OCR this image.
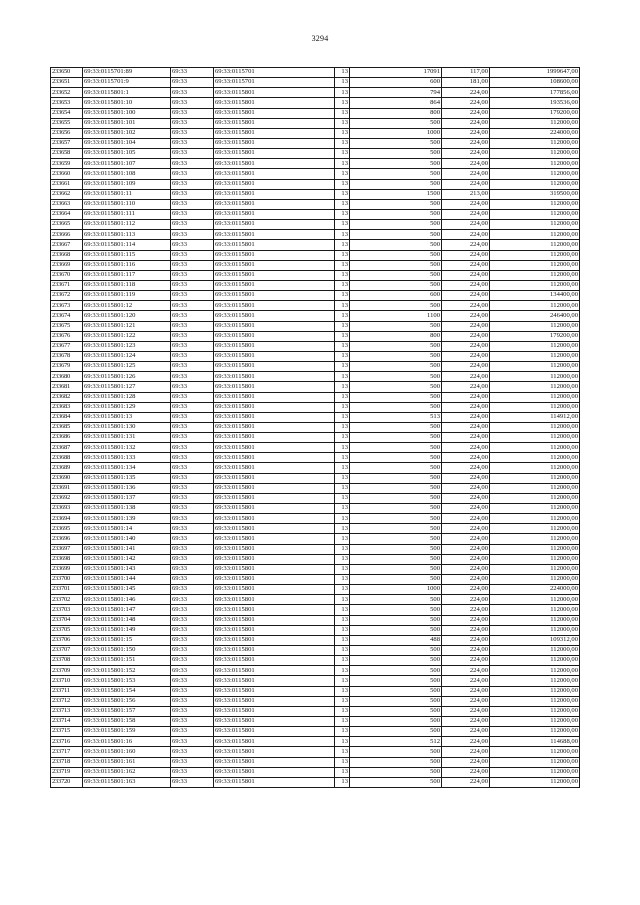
3294
233650	69:33:0115701:89	69:33	69:33:0115701	13	17091	117,00	1999647,00
233651	69:33:0115701:9	69:33	69:33:0115701	13	600	181,00	108600,00
233652	69:33:0115801:1	69:33	69:33:0115801	13	794	224,00	177856,00
233653	69:33:0115801:10	69:33	69:33:0115801	13	864	224,00	193536,00
233654	69:33:0115801:100	69:33	69:33:0115801	13	800	224,00	179200,00
233655	69:33:0115801:101	69:33	69:33:0115801	13	500	224,00	112000,00
233656	69:33:0115801:102	69:33	69:33:0115801	13	1000	224,00	224000,00
233657	69:33:0115801:104	69:33	69:33:0115801	13	500	224,00	112000,00
233658	69:33:0115801:105	69:33	69:33:0115801	13	500	224,00	112000,00
233659	69:33:0115801:107	69:33	69:33:0115801	13	500	224,00	112000,00
233660	69:33:0115801:108	69:33	69:33:0115801	13	500	224,00	112000,00
233661	69:33:0115801:109	69:33	69:33:0115801	13	500	224,00	112000,00
233662	69:33:0115801:11	69:33	69:33:0115801	13	1500	213,00	319500,00
233663	69:33:0115801:110	69:33	69:33:0115801	13	500	224,00	112000,00
233664	69:33:0115801:111	69:33	69:33:0115801	13	500	224,00	112000,00
233665	69:33:0115801:112	69:33	69:33:0115801	13	500	224,00	112000,00
233666	69:33:0115801:113	69:33	69:33:0115801	13	500	224,00	112000,00
233667	69:33:0115801:114	69:33	69:33:0115801	13	500	224,00	112000,00
233668	69:33:0115801:115	69:33	69:33:0115801	13	500	224,00	112000,00
233669	69:33:0115801:116	69:33	69:33:0115801	13	500	224,00	112000,00
233670	69:33:0115801:117	69:33	69:33:0115801	13	500	224,00	112000,00
233671	69:33:0115801:118	69:33	69:33:0115801	13	500	224,00	112000,00
233672	69:33:0115801:119	69:33	69:33:0115801	13	600	224,00	134400,00
233673	69:33:0115801:12	69:33	69:33:0115801	13	500	224,00	112000,00
233674	69:33:0115801:120	69:33	69:33:0115801	13	1100	224,00	246400,00
233675	69:33:0115801:121	69:33	69:33:0115801	13	500	224,00	112000,00
233676	69:33:0115801:122	69:33	69:33:0115801	13	800	224,00	179200,00
233677	69:33:0115801:123	69:33	69:33:0115801	13	500	224,00	112000,00
233678	69:33:0115801:124	69:33	69:33:0115801	13	500	224,00	112000,00
233679	69:33:0115801:125	69:33	69:33:0115801	13	500	224,00	112000,00
233680	69:33:0115801:126	69:33	69:33:0115801	13	500	224,00	112000,00
233681	69:33:0115801:127	69:33	69:33:0115801	13	500	224,00	112000,00
233682	69:33:0115801:128	69:33	69:33:0115801	13	500	224,00	112000,00
233683	69:33:0115801:129	69:33	69:33:0115801	13	500	224,00	112000,00
233684	69:33:0115801:13	69:33	69:33:0115801	13	513	224,00	114912,00
233685	69:33:0115801:130	69:33	69:33:0115801	13	500	224,00	112000,00
233686	69:33:0115801:131	69:33	69:33:0115801	13	500	224,00	112000,00
233687	69:33:0115801:132	69:33	69:33:0115801	13	500	224,00	112000,00
233688	69:33:0115801:133	69:33	69:33:0115801	13	500	224,00	112000,00
233689	69:33:0115801:134	69:33	69:33:0115801	13	500	224,00	112000,00
233690	69:33:0115801:135	69:33	69:33:0115801	13	500	224,00	112000,00
233691	69:33:0115801:136	69:33	69:33:0115801	13	500	224,00	112000,00
233692	69:33:0115801:137	69:33	69:33:0115801	13	500	224,00	112000,00
233693	69:33:0115801:138	69:33	69:33:0115801	13	500	224,00	112000,00
233694	69:33:0115801:139	69:33	69:33:0115801	13	500	224,00	112000,00
233695	69:33:0115801:14	69:33	69:33:0115801	13	500	224,00	112000,00
233696	69:33:0115801:140	69:33	69:33:0115801	13	500	224,00	112000,00
233697	69:33:0115801:141	69:33	69:33:0115801	13	500	224,00	112000,00
233698	69:33:0115801:142	69:33	69:33:0115801	13	500	224,00	112000,00
233699	69:33:0115801:143	69:33	69:33:0115801	13	500	224,00	112000,00
233700	69:33:0115801:144	69:33	69:33:0115801	13	500	224,00	112000,00
233701	69:33:0115801:145	69:33	69:33:0115801	13	1000	224,00	224000,00
233702	69:33:0115801:146	69:33	69:33:0115801	13	500	224,00	112000,00
233703	69:33:0115801:147	69:33	69:33:0115801	13	500	224,00	112000,00
233704	69:33:0115801:148	69:33	69:33:0115801	13	500	224,00	112000,00
233705	69:33:0115801:149	69:33	69:33:0115801	13	500	224,00	112000,00
233706	69:33:0115801:15	69:33	69:33:0115801	13	488	224,00	109312,00
233707	69:33:0115801:150	69:33	69:33:0115801	13	500	224,00	112000,00
233708	69:33:0115801:151	69:33	69:33:0115801	13	500	224,00	112000,00
233709	69:33:0115801:152	69:33	69:33:0115801	13	500	224,00	112000,00
233710	69:33:0115801:153	69:33	69:33:0115801	13	500	224,00	112000,00
233711	69:33:0115801:154	69:33	69:33:0115801	13	500	224,00	112000,00
233712	69:33:0115801:156	69:33	69:33:0115801	13	500	224,00	112000,00
233713	69:33:0115801:157	69:33	69:33:0115801	13	500	224,00	112000,00
233714	69:33:0115801:158	69:33	69:33:0115801	13	500	224,00	112000,00
233715	69:33:0115801:159	69:33	69:33:0115801	13	500	224,00	112000,00
233716	69:33:0115801:16	69:33	69:33:0115801	13	512	224,00	114688,00
233717	69:33:0115801:160	69:33	69:33:0115801	13	500	224,00	112000,00
233718	69:33:0115801:161	69:33	69:33:0115801	13	500	224,00	112000,00
233719	69:33:0115801:162	69:33	69:33:0115801	13	500	224,00	112000,00
233720	69:33:0115801:163	69:33	69:33:0115801	13	500	224,00	112000,00
